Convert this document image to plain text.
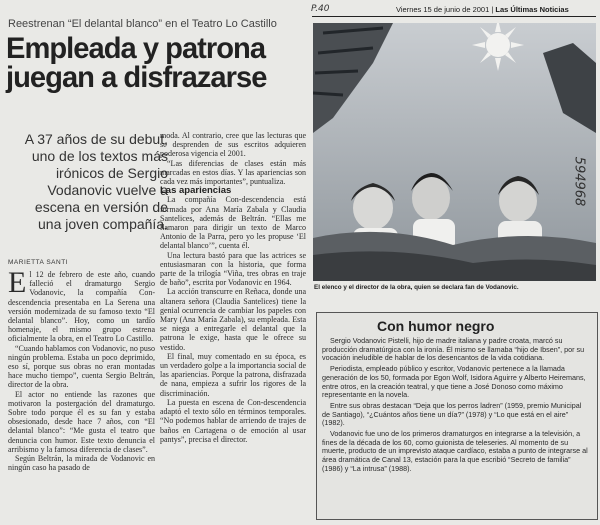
P.40	Viernes 15 de junio de 2001 | Las Últimas Noticias
Reestrenan “El delantal blanco” en el Teatro Lo Castillo
Empleada y patrona juegan a disfrazarse
A 37 años de su debut, uno de los textos más irónicos de Sergio Vodanovic vuelve a escena en versión de una joven compañía.
MARIETTA SANTI

El 12 de febrero de este año, cuando falleció el dramaturgo Sergio Vodanovic, la compañía Con-descendencia presentaba en La Serena una versión modernizada de su famoso texto “El delantal blanco”. Hoy, como un tardío homenaje, el mismo grupo estrena oficialmente la obra, en el Teatro Lo Castillo.

“Cuando hablamos con Vodanovic, no puso ningún problema. Estaba un poco deprimido, eso sí, porque sus obras no eran montadas hace mucho tiempo”, cuenta Sergio Beltrán, director de la obra.

El actor no entiende las razones que motivaron la postergación del dramaturgo. Sobre todo porque él es su fan y estaba obsesionado, desde hace 7 años, con “El delantal blanco”: “Me gusta el teatro que denuncia con humor. Este texto denuncia el arribismo y la famosa diferencia de clases”.

Según Beltrán, la mirada de Vodanovic en ningún caso ha pasado de

moda. Al contrario, cree que las lecturas que se desprenden de sus escritos adquieren poderosa vigencia el 2001.

“Las diferencias de clases están más marcadas en estos días. Y las apariencias son cada vez más importantes”, puntualiza.

Las apariencias

La compañía Con-descendencia está formada por Ana María Zabala y Claudia Santelices, además de Beltrán. “Ellas me llamaron para dirigir un texto de Marco Antonio de la Parra, pero yo les propuse ‘El delantal blanco’”, cuenta él.

Una lectura bastó para que las actrices se entusiasmaran con la historia, que forma parte de la trilogía “Viña, tres obras en traje de baño”, escrita por Vodanovic en 1964.

La acción transcurre en Reñaca, donde una altanera señora (Claudia Santelices) tiene la genial ocurrencia de cambiar los papeles con Mary (Ana María Zabala), su empleada. Esta se niega a entregarle el delantal que la patrona le exige, hasta que le ofrece su vestido.

El final, muy comentado en su época, es un verdadero golpe a la importancia social de las apariencias. Porque la patrona, disfrazada de nana, empieza a sufrir los rigores de la discriminación.

La puesta en escena de Con-descendencia adaptó el texto sólo en términos temporales. “No podemos hablar de arriendo de trajes de baños en Cartagena o de emoción al usar pantys”, precisa el director.

El elenco y el director de la obra, quien se declara fan de Vodanovic.
594968
Con humor negro

Sergio Vodanovic Pistelli, hijo de madre italiana y padre croata, marcó su producción dramatúrgica con la ironía. Él mismo se llamaba “hijo de Ibsen”, por su vocación ineludible de hablar de los desencantos de la vida cotidiana.

Periodista, empleado público y escritor, Vodanovic pertenece a la llamada generación de los 50, formada por Egon Wolf, Isidora Aguirre y Alberto Heiremans, entre otros, en la creación teatral, y que tiene a José Donoso como máximo representante en la novela.

Entre sus obras destacan “Deja que los perros ladren” (1959, premio Municipal de Santiago), “¿Cuántos años tiene un día?” (1978) y “Lo que está en el aire” (1982).

Vodanovic fue uno de los primeros dramaturgos en integrarse a la televisión, a fines de la década de los 60, como guionista de teleseries. Al momento de su muerte, producto de un imprevisto ataque cardíaco, estaba a punto de integrarse al área dramática de Canal 13, estación para la que escribió “Secreto de familia” (1986) y “La intrusa” (1988).
